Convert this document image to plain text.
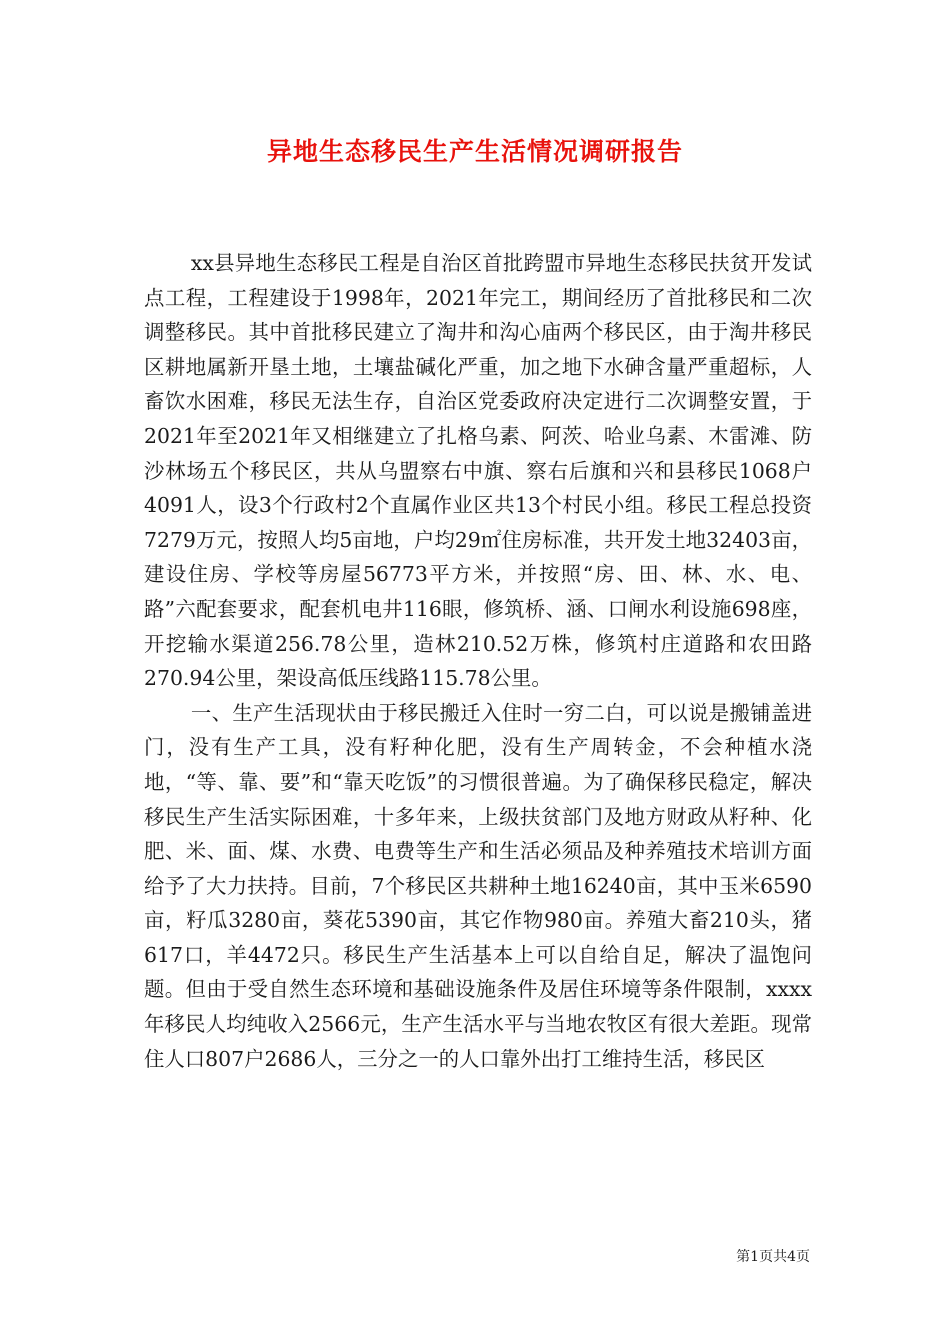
异地生态移民生产生活情况调研报告

xx县异地生态移民工程是自治区首批跨盟市异地生态移民扶贫开发试点工程，工程建设于1998年，2021年完工，期间经历了首批移民和二次调整移民。其中首批移民建立了淘井和沟心庙两个移民区，由于淘井移民区耕地属新开垦土地，土壤盐碱化严重，加之地下水砷含量严重超标，人畜饮水困难，移民无法生存，自治区党委政府决定进行二次调整安置，于2021年至2021年又相继建立了扎格乌素、阿茨、哈业乌素、木雷滩、防沙林场五个移民区，共从乌盟察右中旗、察右后旗和兴和县移民1068户4091人，设3个行政村2个直属作业区共13个村民小组。移民工程总投资7279万元，按照人均5亩地，户均29㎡住房标准，共开发土地32403亩，建设住房、学校等房屋56773平方米，并按照“房、田、林、水、电、路”六配套要求，配套机电井116眼，修筑桥、涵、口闸水利设施698座，开挖输水渠道256.78公里，造林210.52万株，修筑村庄道路和农田路270.94公里，架设高低压线路115.78公里。

一、生产生活现状由于移民搬迁入住时一穷二白，可以说是搬铺盖进门，没有生产工具，没有籽种化肥，没有生产周转金，不会种植水浇地，“等、靠、要”和“靠天吃饭”的习惯很普遍。为了确保移民稳定，解决移民生产生活实际困难，十多年来，上级扶贫部门及地方财政从籽种、化肥、米、面、煤、水费、电费等生产和生活必须品及种养殖技术培训方面给予了大力扶持。目前，7个移民区共耕种土地16240亩，其中玉米6590亩，籽瓜3280亩，葵花5390亩，其它作物980亩。养殖大畜210头，猪617口，羊4472只。移民生产生活基本上可以自给自足，解决了温饱问题。但由于受自然生态环境和基础设施条件及居住环境等条件限制，xxxx年移民人均纯收入2566元，生产生活水平与当地农牧区有很大差距。现常住人口807户2686人，三分之一的人口靠外出打工维持生活，移民区

第1页共4页
